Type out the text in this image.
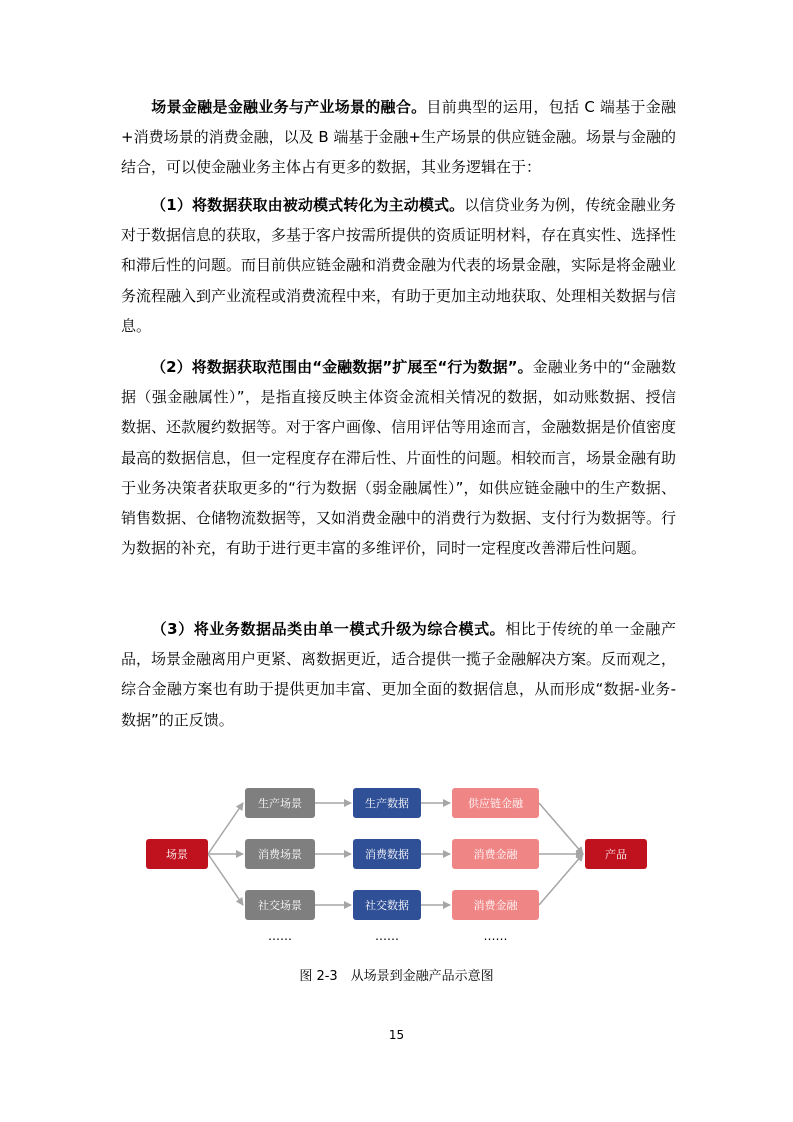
场景金融是金融业务与产业场景的融合。目前典型的运用，包括 C 端基于金融+消费场景的消费金融，以及 B 端基于金融+生产场景的供应链金融。场景与金融的结合，可以使金融业务主体占有更多的数据，其业务逻辑在于：

（1）将数据获取由被动模式转化为主动模式。以信贷业务为例，传统金融业务对于数据信息的获取，多基于客户按需所提供的资质证明材料，存在真实性、选择性和滞后性的问题。而目前供应链金融和消费金融为代表的场景金融，实际是将金融业务流程融入到产业流程或消费流程中来，有助于更加主动地获取、处理相关数据与信息。

（2）将数据获取范围由“金融数据”扩展至“行为数据”。金融业务中的“金融数据（强金融属性）”，是指直接反映主体资金流相关情况的数据，如动账数据、授信数据、还款履约数据等。对于客户画像、信用评估等用途而言，金融数据是价值密度最高的数据信息，但一定程度存在滞后性、片面性的问题。相较而言，场景金融有助于业务决策者获取更多的“行为数据（弱金融属性）”，如供应链金融中的生产数据、销售数据、仓储物流数据等，又如消费金融中的消费行为数据、支付行为数据等。行为数据的补充，有助于进行更丰富的多维评价，同时一定程度改善滞后性问题。

（3）将业务数据品类由单一模式升级为综合模式。相比于传统的单一金融产品，场景金融离用户更紧、离数据更近，适合提供一揽子金融解决方案。反而观之，综合金融方案也有助于提供更加丰富、更加全面的数据信息，从而形成“数据-业务-数据”的正反馈。

场景	产品
生产场景	生产数据	供应链金融
消费场景	消费数据	消费金融
社交场景	社交数据	消费金融
……	……	……
图 2-3　从场景到金融产品示意图
15
